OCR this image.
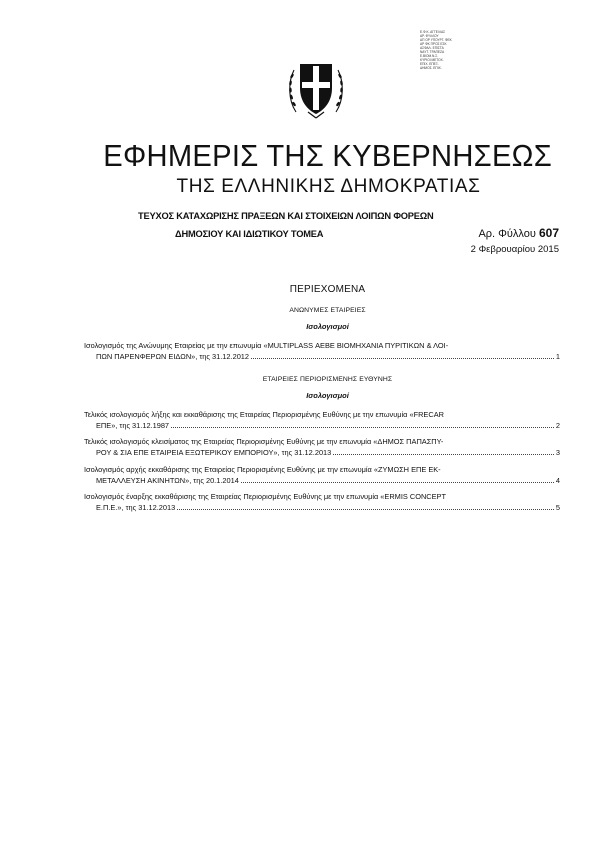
Ε.Φ.Κ. ΑΓΓΕΛΙΑΣ
ΑΡ. ΦΥΛΛΟΥ
ΑΠ ΟΡ ΥΠΟΥΡΓ. ΦΕΚ
ΑΡ ΦΚ ΠΡΟΣ ΕΣΚ
ΑΣΦΑΛ. ΕΠΙΣΤΑ
ΝΑΥΤ. ΤΡΑΠΕΖΑ
Ε.ΒΙΟΜ.Ν.Σ.
ΚΥΡΙΟΙ ΜΕΤΟΧ.
ΕΠΙΧ. ΕΠΕΞ.
ΔΗΜΟΣ. ΕΠΙΧ.
ΕΦΗΜΕΡΙΣ ΤΗΣ ΚΥΒΕΡΝΗΣΕΩΣ
ΤΗΣ ΕΛΛΗΝΙΚΗΣ ΔΗΜΟΚΡΑΤΙΑΣ
ΤΕΥΧΟΣ ΚΑΤΑΧΩΡΙΣΗΣ ΠΡΑΞΕΩΝ ΚΑΙ ΣΤΟΙΧΕΙΩΝ ΛΟΙΠΩΝ ΦΟΡΕΩΝ
ΔΗΜΟΣΙΟΥ ΚΑΙ ΙΔΙΩΤΙΚΟΥ ΤΟΜΕΑ	Αρ. Φύλλου 607
2 Φεβρουαρίου 2015
ΠΕΡΙΕΧΟΜΕΝΑ
ΑΝΩΝΥΜΕΣ ΕΤΑΙΡΕΙΕΣ
Ισολογισμοί
Ισολογισμός της Ανώνυμης Εταιρείας με την επωνυμία «MULTIPLASS ΑΕΒΕ ΒΙΟΜΗΧΑΝΙΑ ΠΥΡΙΤΙΚΩΝ & ΛΟΙ-
ΠΩΝ ΠΑΡΕΝΦΕΡΩΝ ΕΙΔΩΝ», της 31.12.2012	1
ΕΤΑΙΡΕΙΕΣ ΠΕΡΙΟΡΙΣΜΕΝΗΣ ΕΥΘΥΝΗΣ
Ισολογισμοί
Τελικός ισολογισμός λήξης και εκκαθάρισης της Εταιρείας Περιορισμένης Ευθύνης με την επωνυμία «FRECAR
ΕΠΕ», της 31.12.1987	2
Τελικός ισολογισμός κλεισίματος της Εταιρείας Περιορισμένης Ευθύνης με την επωνυμία «ΔΗΜΟΣ ΠΑΠΑΣΠΥ-
ΡΟΥ & ΣΙΑ ΕΠΕ ΕΤΑΙΡΕΙΑ ΕΞΩΤΕΡΙΚΟΥ ΕΜΠΟΡΙΟΥ», της 31.12.2013	3
Ισολογισμός αρχής εκκαθάρισης της Εταιρείας Περιορισμένης Ευθύνης με την επωνυμία «ΖΥΜΩΣΗ ΕΠΕ ΕΚ-
ΜΕΤΑΛΛΕΥΣΗ ΑΚΙΝΗΤΩΝ», της 20.1.2014	4
Ισολογισμός έναρξης εκκαθάρισης της Εταιρείας Περιορισμένης Ευθύνης με την επωνυμία «ERMIS CONCEPT
Ε.Π.Ε.», της 31.12.2013	5
